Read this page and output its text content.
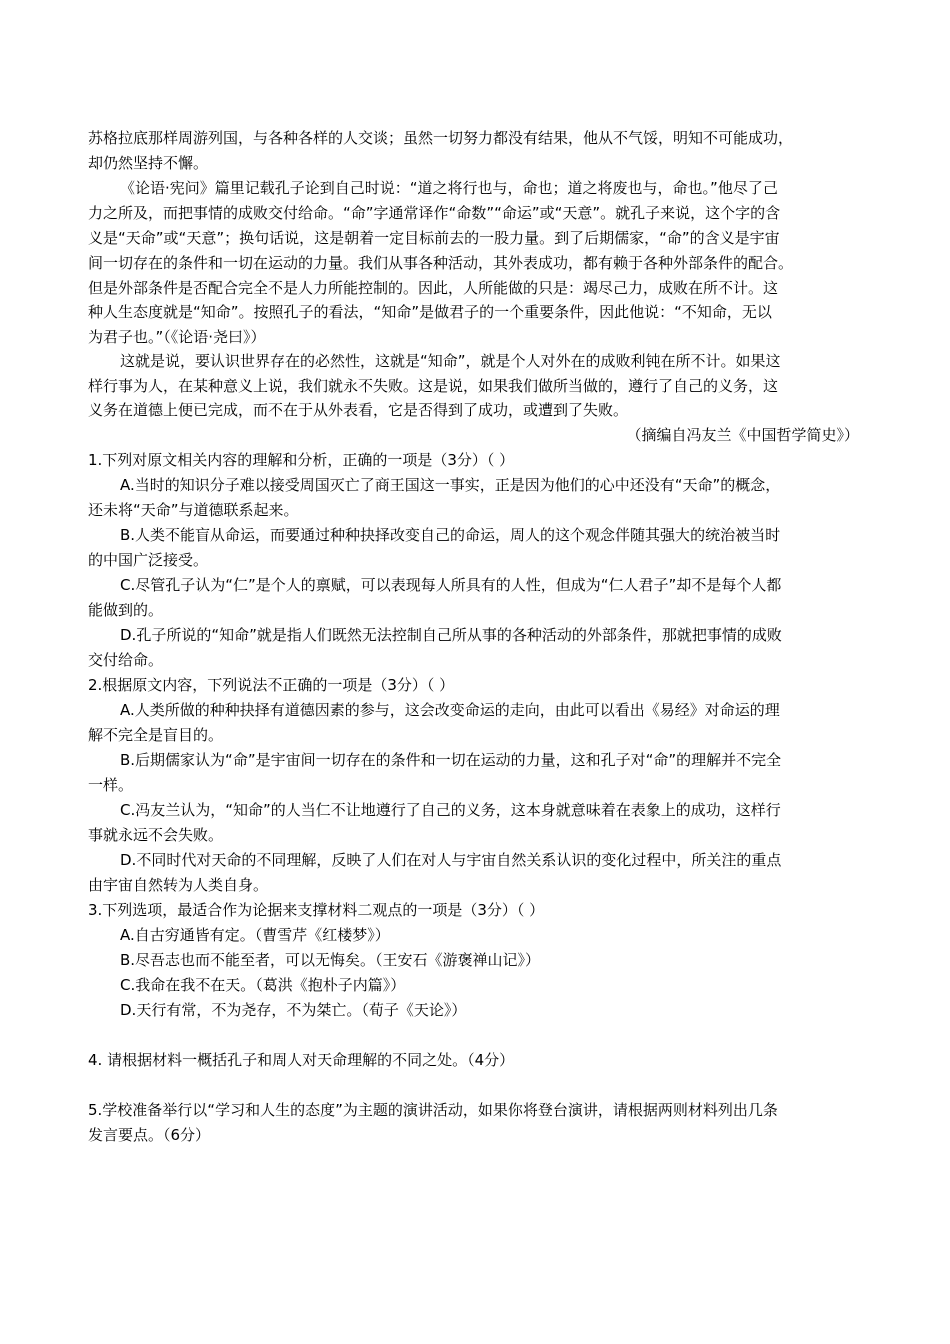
苏格拉底那样周游列国，与各种各样的人交谈；虽然一切努力都没有结果，他从不气馁，明知不可能成功，
却仍然坚持不懈。
《论语·宪问》篇里记载孔子论到自己时说：“道之将行也与，命也；道之将废也与，命也。”他尽了己
力之所及，而把事情的成败交付给命。“命”字通常译作“命数”“命运”或“天意”。就孔子来说，这个字的含
义是“天命”或“天意”；换句话说，这是朝着一定目标前去的一股力量。到了后期儒家，“命”的含义是宇宙
间一切存在的条件和一切在运动的力量。我们从事各种活动，其外表成功，都有赖于各种外部条件的配合。
但是外部条件是否配合完全不是人力所能控制的。因此，人所能做的只是：竭尽己力，成败在所不计。这
种人生态度就是“知命”。按照孔子的看法，“知命”是做君子的一个重要条件，因此他说：“不知命，无以
为君子也。”（《论语·尧曰》）
这就是说，要认识世界存在的必然性，这就是“知命”，就是个人对外在的成败利钝在所不计。如果这
样行事为人，在某种意义上说，我们就永不失败。这是说，如果我们做所当做的，遵行了自己的义务，这
义务在道德上便已完成，而不在于从外表看，它是否得到了成功，或遭到了失败。
（摘编自冯友兰《中国哲学简史》）
1.下列对原文相关内容的理解和分析，正确的一项是（3分）（ ）
A.当时的知识分子难以接受周国灭亡了商王国这一事实，正是因为他们的心中还没有“天命”的概念，
还未将“天命”与道德联系起来。
B.人类不能盲从命运，而要通过种种抉择改变自己的命运，周人的这个观念伴随其强大的统治被当时
的中国广泛接受。
C.尽管孔子认为“仁”是个人的禀赋，可以表现每人所具有的人性，但成为“仁人君子”却不是每个人都
能做到的。
D.孔子所说的“知命”就是指人们既然无法控制自己所从事的各种活动的外部条件，那就把事情的成败
交付给命。
2.根据原文内容，下列说法不正确的一项是（3分）（ ）
A.人类所做的种种抉择有道德因素的参与，这会改变命运的走向，由此可以看出《易经》对命运的理
解不完全是盲目的。
B.后期儒家认为“命”是宇宙间一切存在的条件和一切在运动的力量，这和孔子对“命”的理解并不完全
一样。
C.冯友兰认为，“知命”的人当仁不让地遵行了自己的义务，这本身就意味着在表象上的成功，这样行
事就永远不会失败。
D.不同时代对天命的不同理解，反映了人们在对人与宇宙自然关系认识的变化过程中，所关注的重点
由宇宙自然转为人类自身。
3.下列选项，最适合作为论据来支撑材料二观点的一项是（3分）（ ）
A.自古穷通皆有定。（曹雪芹《红楼梦》）
B.尽吾志也而不能至者，可以无悔矣。（王安石《游褒禅山记》）
C.我命在我不在天。（葛洪《抱朴子内篇》）
D.天行有常，不为尧存，不为桀亡。（荀子《天论》）
4. 请根据材料一概括孔子和周人对天命理解的不同之处。（4分）
5.学校准备举行以“学习和人生的态度”为主题的演讲活动，如果你将登台演讲，请根据两则材料列出几条
发言要点。（6分）
